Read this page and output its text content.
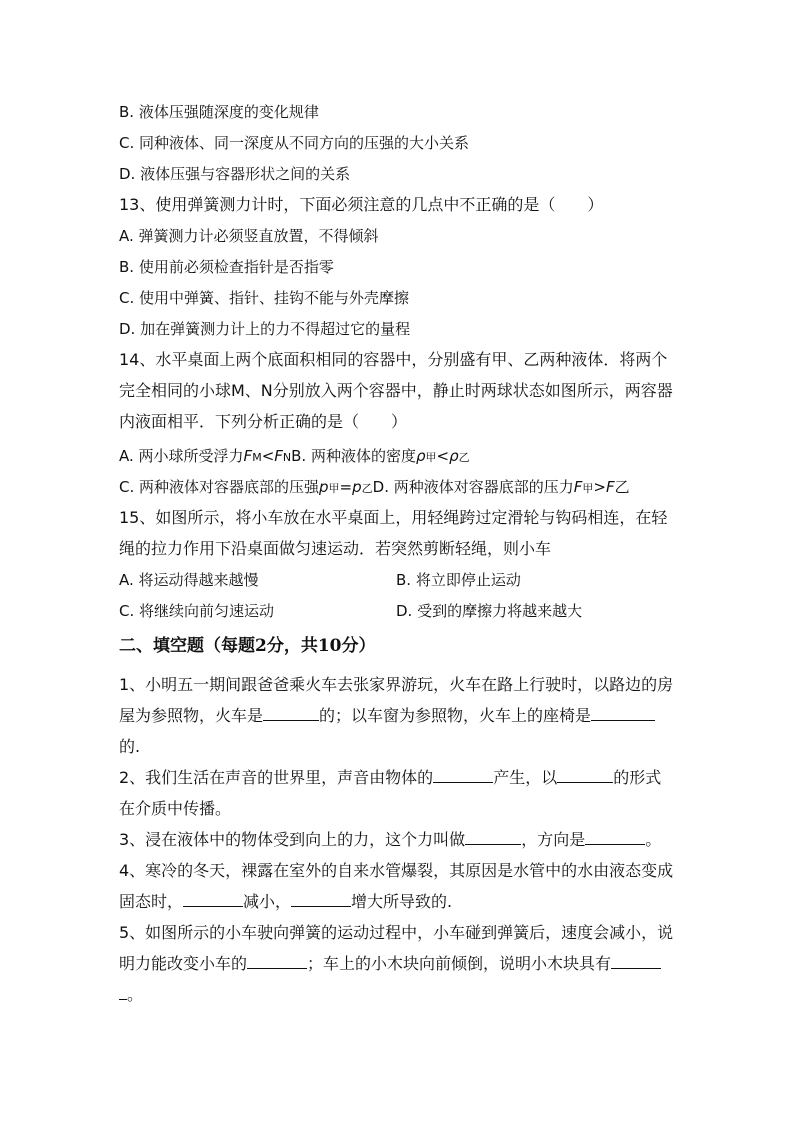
B. 液体压强随深度的变化规律
C. 同种液体、同一深度从不同方向的压强的大小关系
D. 液体压强与容器形状之间的关系
13、使用弹簧测力计时，下面必须注意的几点中不正确的是（　　）
A. 弹簧测力计必须竖直放置，不得倾斜
B. 使用前必须检查指针是否指零
C. 使用中弹簧、指针、挂钩不能与外壳摩擦
D. 加在弹簧测力计上的力不得超过它的量程
14、水平桌面上两个底面积相同的容器中，分别盛有甲、乙两种液体．将两个
完全相同的小球M、N分别放入两个容器中，静止时两球状态如图所示，两容器
内液面相平．下列分析正确的是（　　）
A. 两小球所受浮力FM<FNB. 两种液体的密度ρ甲<ρ乙
C. 两种液体对容器底部的压强p甲=p乙D. 两种液体对容器底部的压力F甲>F乙
15、如图所示，将小车放在水平桌面上，用轻绳跨过定滑轮与钩码相连，在轻
绳的拉力作用下沿桌面做匀速运动．若突然剪断轻绳，则小车
A. 将运动得越来越慢	B. 将立即停止运动
C. 将继续向前匀速运动	D. 受到的摩擦力将越来越大
二、填空题（每题2分，共10分）
1、小明五一期间跟爸爸乘火车去张家界游玩，火车在路上行驶时，以路边的房
屋为参照物，火车是	的；以车窗为参照物，火车上的座椅是
的.
2、我们生活在声音的世界里，声音由物体的	产生，以	的形式
在介质中传播。
3、浸在液体中的物体受到向上的力，这个力叫做	，方向是	。
4、寒冷的冬天，裸露在室外的自来水管爆裂，其原因是水管中的水由液态变成
固态时，	减小，	增大所导致的.
5、如图所示的小车驶向弹簧的运动过程中，小车碰到弹簧后，速度会减小，说
明力能改变小车的	；车上的小木块向前倾倒，说明小木块具有
。
